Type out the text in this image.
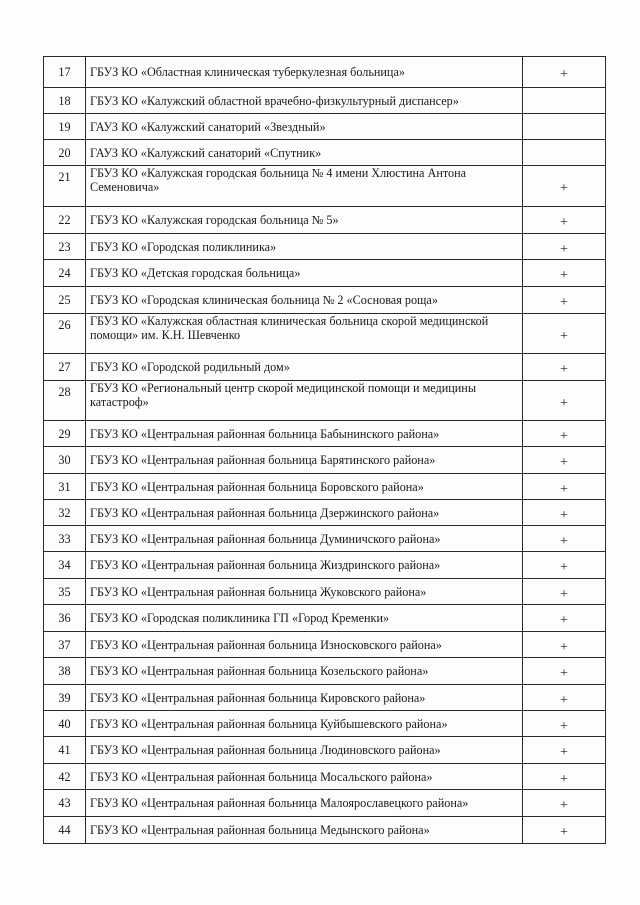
17	ГБУЗ КО «Областная клиническая туберкулезная больница»	+
18	ГБУЗ КО «Калужский областной врачебно-физкультурный диспансер»	
19	ГАУЗ КО «Калужский санаторий «Звездный»	
20	ГАУЗ КО «Калужский санаторий «Спутник»	
21	ГБУЗ КО «Калужская городская больница № 4 имени Хлюстина Антона Семеновича»	+
22	ГБУЗ КО «Калужская городская больница № 5»	+
23	ГБУЗ КО «Городская поликлиника»	+
24	ГБУЗ КО «Детская городская больница»	+
25	ГБУЗ КО «Городская клиническая больница № 2 «Сосновая роща»	+
26	ГБУЗ КО «Калужская областная клиническая больница скорой медицинской помощи» им. К.Н. Шевченко	+
27	ГБУЗ КО «Городской родильный дом»	+
28	ГБУЗ КО «Региональный центр скорой медицинской помощи и медицины катастроф»	+
29	ГБУЗ КО «Центральная районная больница Бабынинского района»	+
30	ГБУЗ КО «Центральная районная больница Барятинского района»	+
31	ГБУЗ КО «Центральная районная больница Боровского района»	+
32	ГБУЗ КО «Центральная районная больница Дзержинского района»	+
33	ГБУЗ КО «Центральная районная больница Думиничского района»	+
34	ГБУЗ КО «Центральная районная больница Жиздринского района»	+
35	ГБУЗ КО «Центральная районная больница Жуковского района»	+
36	ГБУЗ КО «Городская поликлиника ГП «Город Кременки»	+
37	ГБУЗ КО «Центральная районная больница Износковского района»	+
38	ГБУЗ КО «Центральная районная больница Козельского района»	+
39	ГБУЗ КО «Центральная районная больница Кировского района»	+
40	ГБУЗ КО «Центральная районная больница Куйбышевского района»	+
41	ГБУЗ КО «Центральная районная больница Людиновского района»	+
42	ГБУЗ КО «Центральная районная больница Мосальского района»	+
43	ГБУЗ КО «Центральная районная больница Малоярославецкого района»	+
44	ГБУЗ КО «Центральная районная больница Медынского района»	+
